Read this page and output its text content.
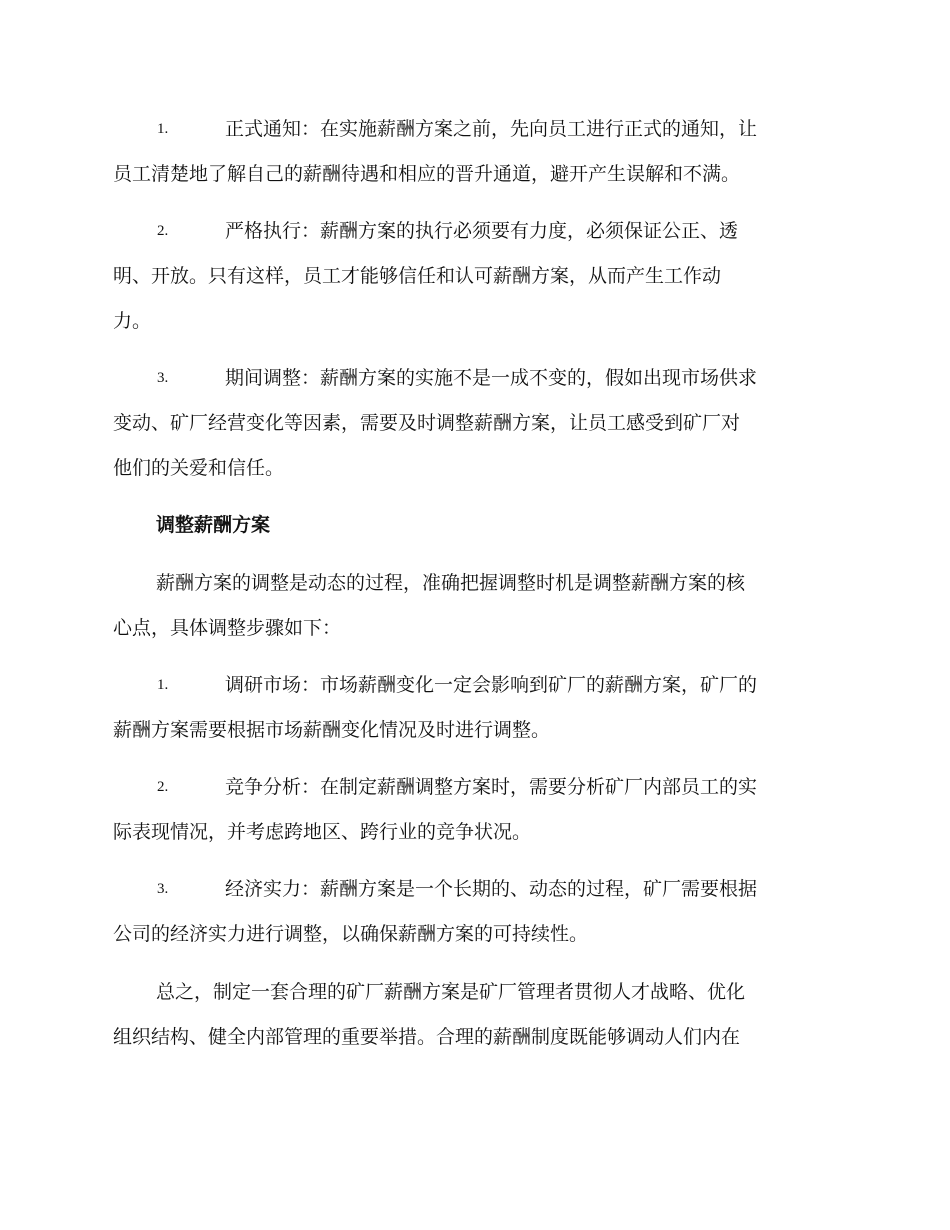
1.	正式通知：在实施薪酬方案之前，先向员工进行正式的通知，让
员工清楚地了解自己的薪酬待遇和相应的晋升通道，避开产生误解和不满。
2.	严格执行：薪酬方案的执行必须要有力度，必须保证公正、透
明、开放。只有这样，员工才能够信任和认可薪酬方案，从而产生工作动
力。
3.	期间调整：薪酬方案的实施不是一成不变的，假如出现市场供求
变动、矿厂经营变化等因素，需要及时调整薪酬方案，让员工感受到矿厂对
他们的关爱和信任。
调整薪酬方案
薪酬方案的调整是动态的过程，准确把握调整时机是调整薪酬方案的核
心点，具体调整步骤如下：
1.	调研市场：市场薪酬变化一定会影响到矿厂的薪酬方案，矿厂的
薪酬方案需要根据市场薪酬变化情况及时进行调整。
2.	竞争分析：在制定薪酬调整方案时，需要分析矿厂内部员工的实
际表现情况，并考虑跨地区、跨行业的竞争状况。
3.	经济实力：薪酬方案是一个长期的、动态的过程，矿厂需要根据
公司的经济实力进行调整，以确保薪酬方案的可持续性。
总之，制定一套合理的矿厂薪酬方案是矿厂管理者贯彻人才战略、优化
组织结构、健全内部管理的重要举措。合理的薪酬制度既能够调动人们内在
